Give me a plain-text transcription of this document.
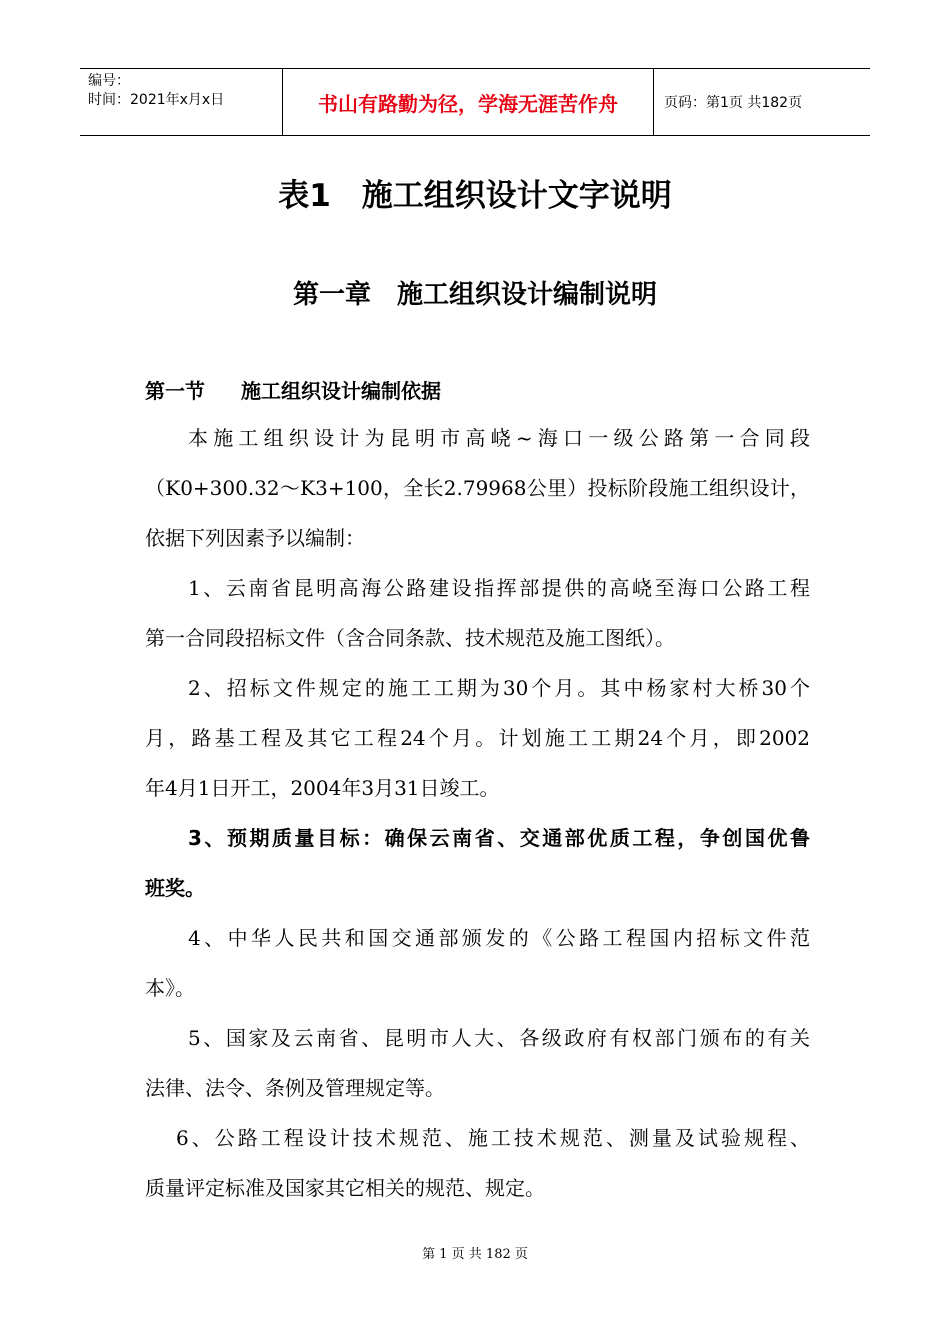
编号：
时间：2021年x月x日	书山有路勤为径，学海无涯苦作舟	页码：第1页 共182页
表1　施工组织设计文字说明
第一章　施工组织设计编制说明
第一节 施工组织设计编制依据
本施工组织设计为昆明市高峣~海口一级公路第一合同段
（K0+300.32～K3+100，全长2.79968公里）投标阶段施工组织设计，
依据下列因素予以编制：
1、云南省昆明高海公路建设指挥部提供的高峣至海口公路工程
第一合同段招标文件（含合同条款、技术规范及施工图纸）。
2、招标文件规定的施工工期为30个月。其中杨家村大桥30个
月，路基工程及其它工程24个月。计划施工工期24个月，即2002
年4月1日开工，2004年3月31日竣工。
3、预期质量目标：确保云南省、交通部优质工程，争创国优鲁
班奖。
4、中华人民共和国交通部颁发的《公路工程国内招标文件范
本》。
5、国家及云南省、昆明市人大、各级政府有权部门颁布的有关
法律、法令、条例及管理规定等。
6、公路工程设计技术规范、施工技术规范、测量及试验规程、
质量评定标准及国家其它相关的规范、规定。
第 1 页 共 182 页
